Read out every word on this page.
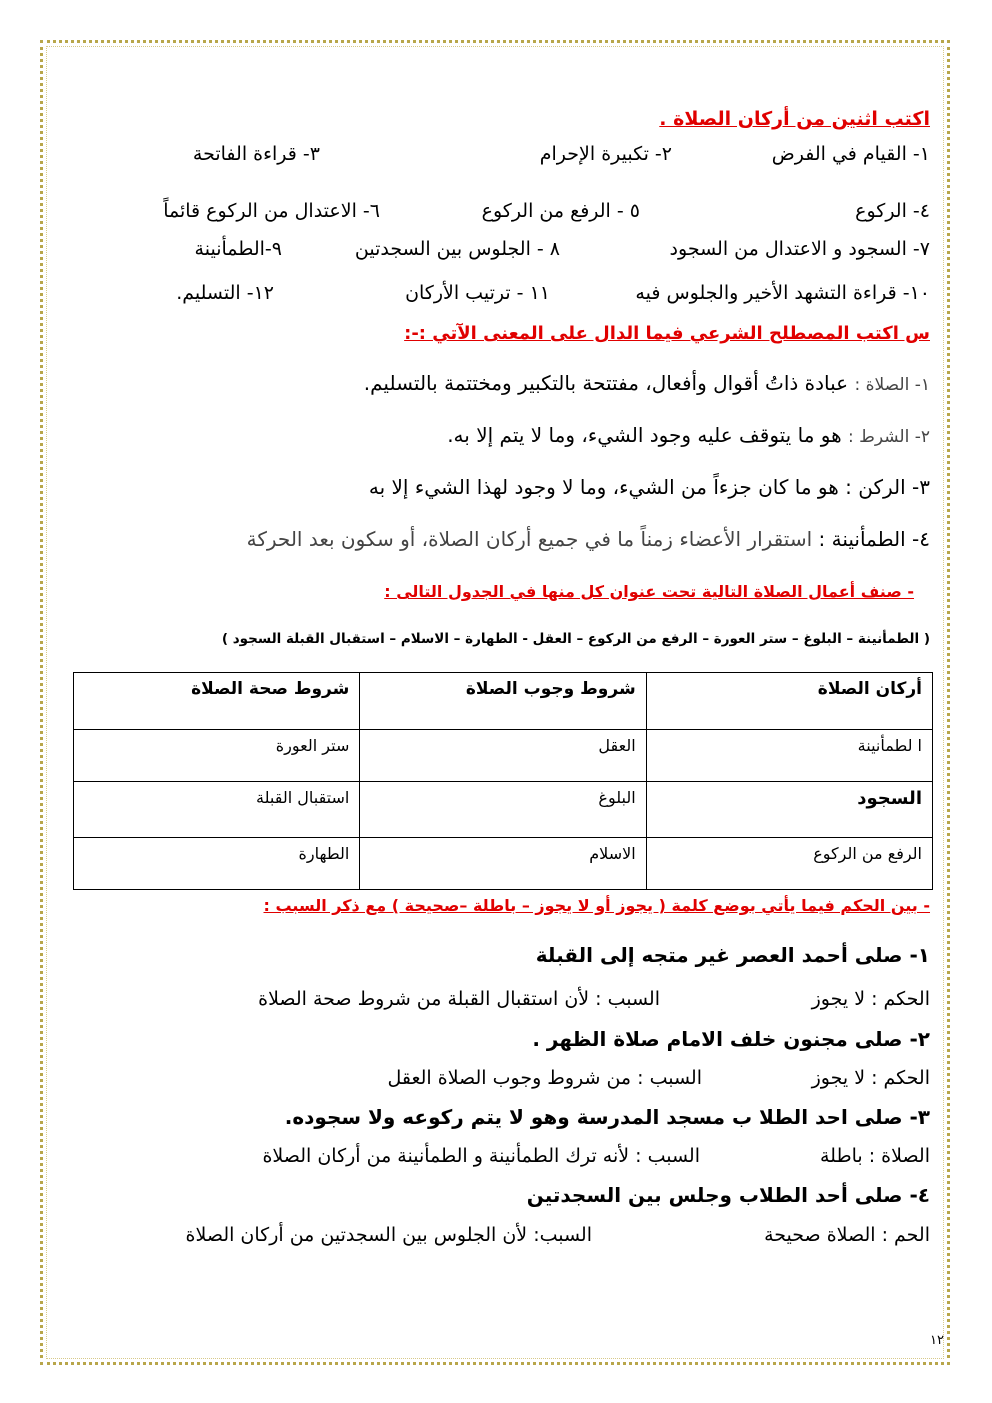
اكتب اثنين من أركان الصلاة .
١- القيام في الفرض
٢- تكبيرة الإحرام
٣- قراءة الفاتحة
٤- الركوع
٥ - الرفع من الركوع
٦- الاعتدال من الركوع قائماً
٧- السجود و الاعتدال من السجود
٨ - الجلوس بين السجدتين
٩-الطمأنينة
١٠- قراءة التشهد الأخير والجلوس فيه
١١ - ترتيب الأركان
١٢- التسليم.
س اكتب المصطلح الشرعي فيما الدال على المعنى الآتي :-:
١- الصلاة : عبادة ذاتُ أقوال وأفعال، مفتتحة بالتكبير ومختتمة بالتسليم.
٢- الشرط : هو ما يتوقف عليه وجود الشيء، وما لا يتم إلا به.
٣- الركن : هو ما كان جزءاً من الشيء، وما لا وجود لهذا الشيء إلا به
٤- الطمأنينة : استقرار الأعضاء زمناً ما في جميع أركان الصلاة، أو سكون بعد الحركة
- صنف أعمال الصلاة التالية تحت عنوان كل منها في الجدول التالى :
( الطمأنينة – البلوغ – ستر العورة – الرفع من الركوع – العقل - الطهارة – الاسلام – استقبال القبلة السجود )
أركان الصلاة	شروط وجوب الصلاة	شروط صحة الصلاة
ا لطمأنينة	العقل	ستر العورة
السجود	البلوغ	استقبال القبلة
الرفع من الركوع	الاسلام	الطهارة
- بين الحكم فيما يأتي بوضع كلمة ( يجوز أو لا يجوز – باطلة –صحيحة ) مع ذكر السبب :
١- صلى أحمد العصر غير متجه إلى القبلة
الحكم : لا يجوز
السبب : لأن استقبال القبلة من شروط صحة الصلاة
٢- صلى مجنون خلف الامام صلاة الظهر .
الحكم : لا يجوز
السبب : من شروط وجوب الصلاة العقل
٣- صلى احد الطلا ب مسجد المدرسة وهو لا يتم ركوعه ولا سجوده.
الصلاة : باطلة
السبب : لأنه ترك الطمأنينة و الطمأنينة من أركان الصلاة
٤- صلى أحد الطلاب وجلس بين السجدتين
الحم : الصلاة صحيحة
السبب: لأن الجلوس بين السجدتين من أركان الصلاة
١٢
